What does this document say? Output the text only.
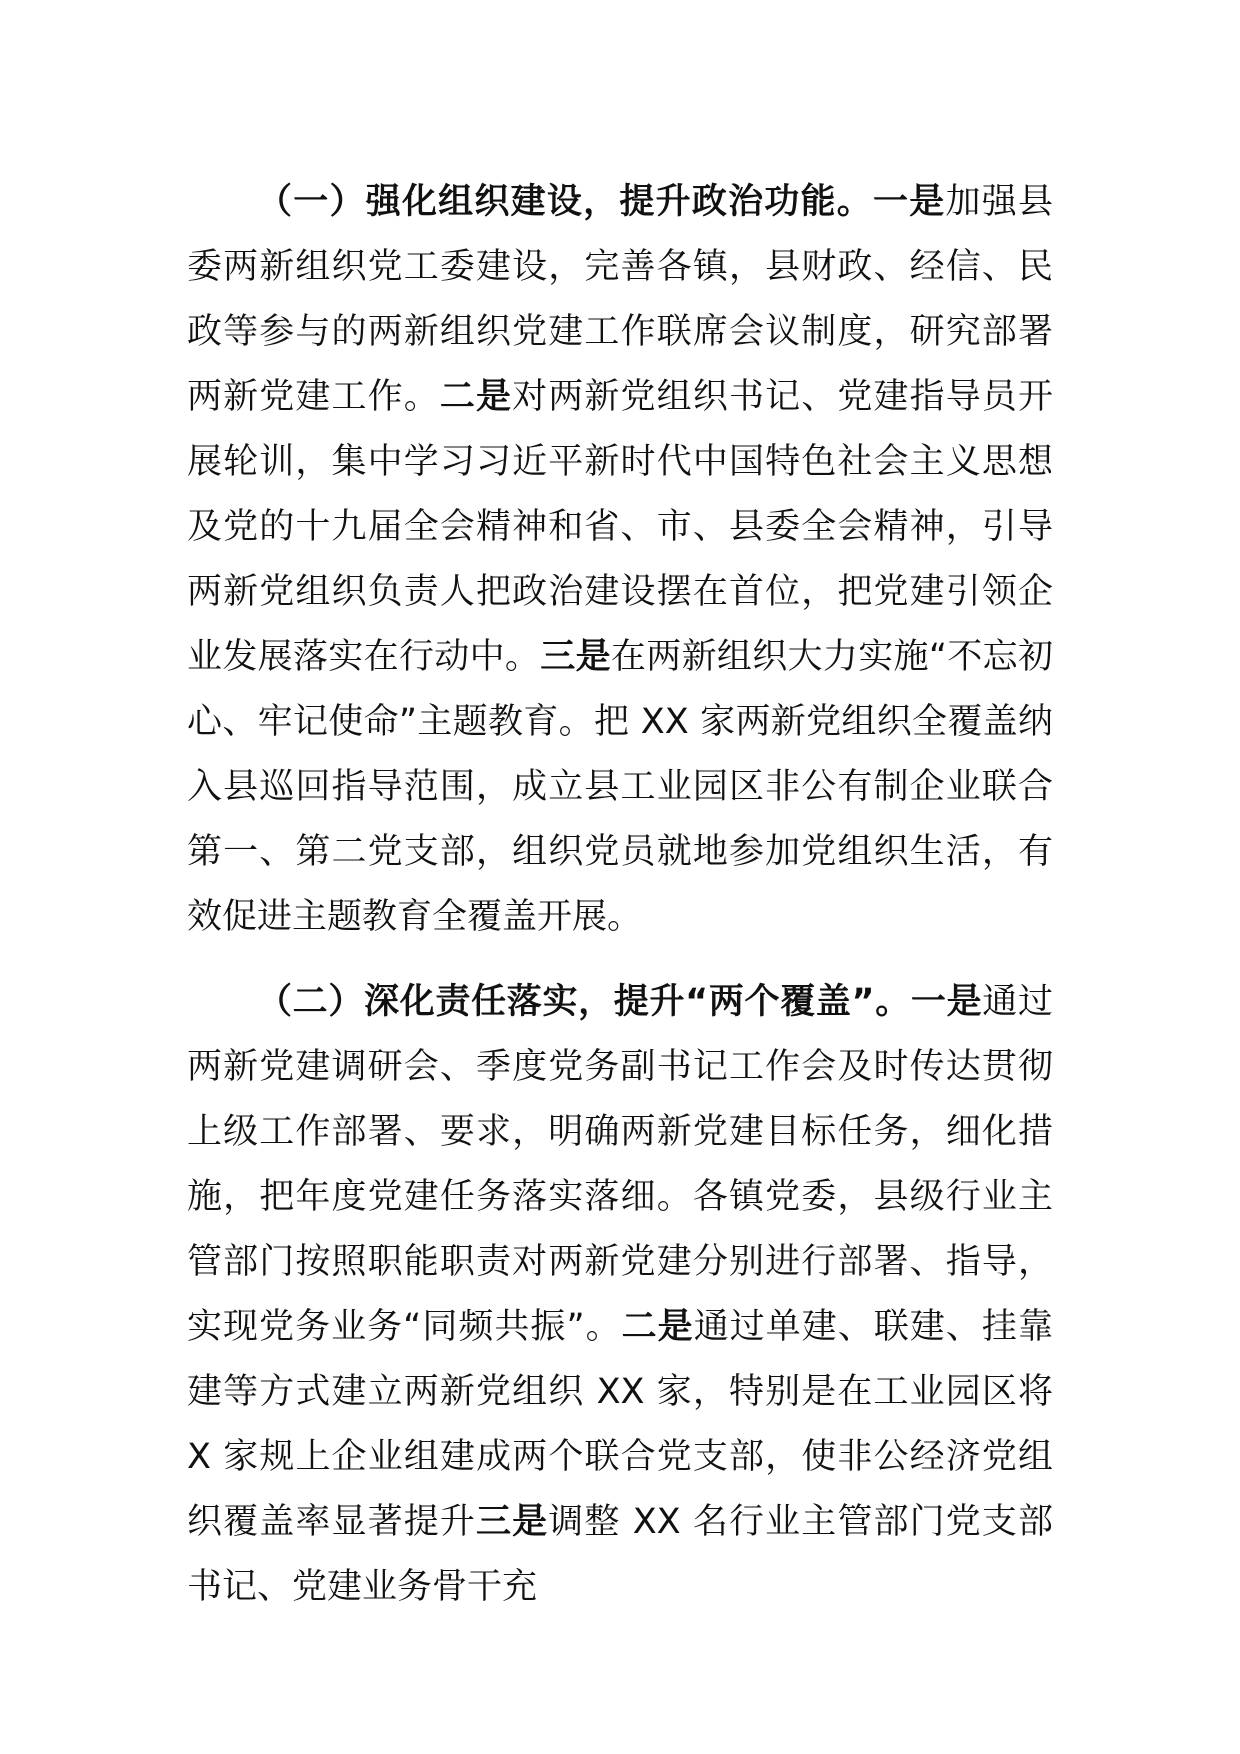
（一）强化组织建设，提升政治功能。一是加强县委两新组织党工委建设，完善各镇，县财政、经信、民政等参与的两新组织党建工作联席会议制度，研究部署两新党建工作。二是对两新党组织书记、党建指导员开展轮训，集中学习习近平新时代中国特色社会主义思想及党的十九届全会精神和省、市、县委全会精神，引导两新党组织负责人把政治建设摆在首位，把党建引领企业发展落实在行动中。三是在两新组织大力实施“不忘初心、牢记使命”主题教育。把 XX 家两新党组织全覆盖纳入县巡回指导范围，成立县工业园区非公有制企业联合第一、第二党支部，组织党员就地参加党组织生活，有效促进主题教育全覆盖开展。

（二）深化责任落实，提升“两个覆盖”。一是通过两新党建调研会、季度党务副书记工作会及时传达贯彻上级工作部署、要求，明确两新党建目标任务，细化措施，把年度党建任务落实落细。各镇党委，县级行业主管部门按照职能职责对两新党建分别进行部署、指导，实现党务业务“同频共振”。二是通过单建、联建、挂靠建等方式建立两新党组织 XX 家，特别是在工业园区将 X 家规上企业组建成两个联合党支部，使非公经济党组织覆盖率显著提升三是调整 XX 名行业主管部门党支部书记、党建业务骨干充
